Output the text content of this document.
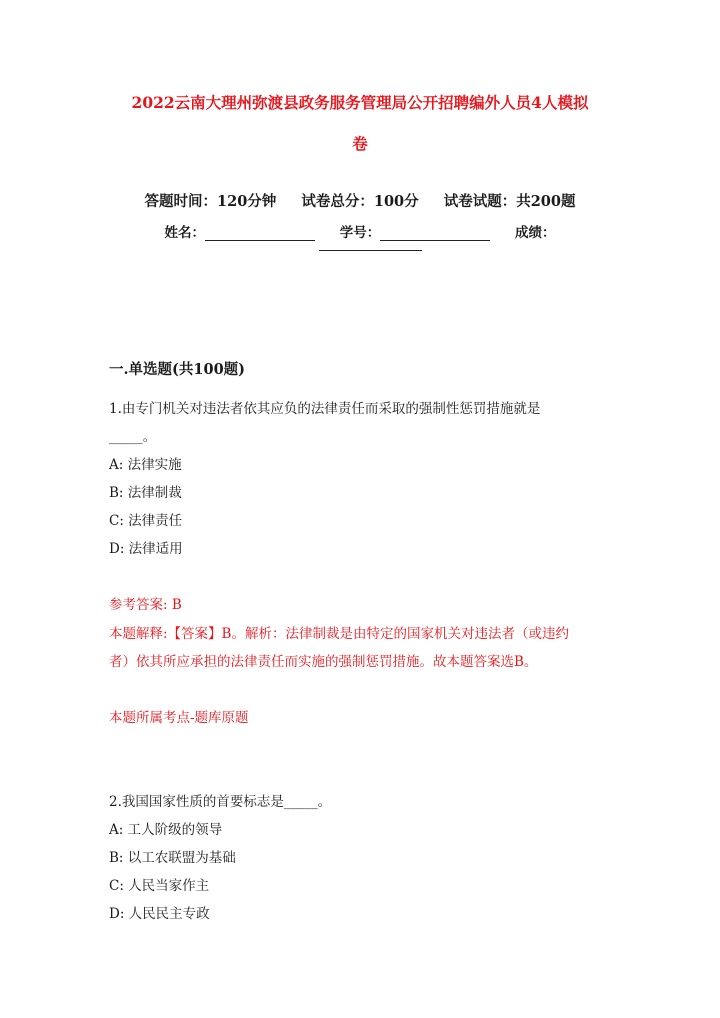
2022云南大理州弥渡县政务服务管理局公开招聘编外人员4人模拟
卷
答题时间：120分钟 试卷总分：100分 试卷试题：共200题
姓名：	学号：	成绩：
一.单选题(共100题)
1.由专门机关对违法者依其应负的法律责任而采取的强制性惩罚措施就是
_____。
A: 法律实施
B: 法律制裁
C: 法律责任
D: 法律适用
参考答案: B
本题解释:【答案】B。解析：法律制裁是由特定的国家机关对违法者（或违约
者）依其所应承担的法律责任而实施的强制惩罚措施。故本题答案选B。
本题所属考点-题库原题
2.我国国家性质的首要标志是_____。
A: 工人阶级的领导
B: 以工农联盟为基础
C: 人民当家作主
D: 人民民主专政
